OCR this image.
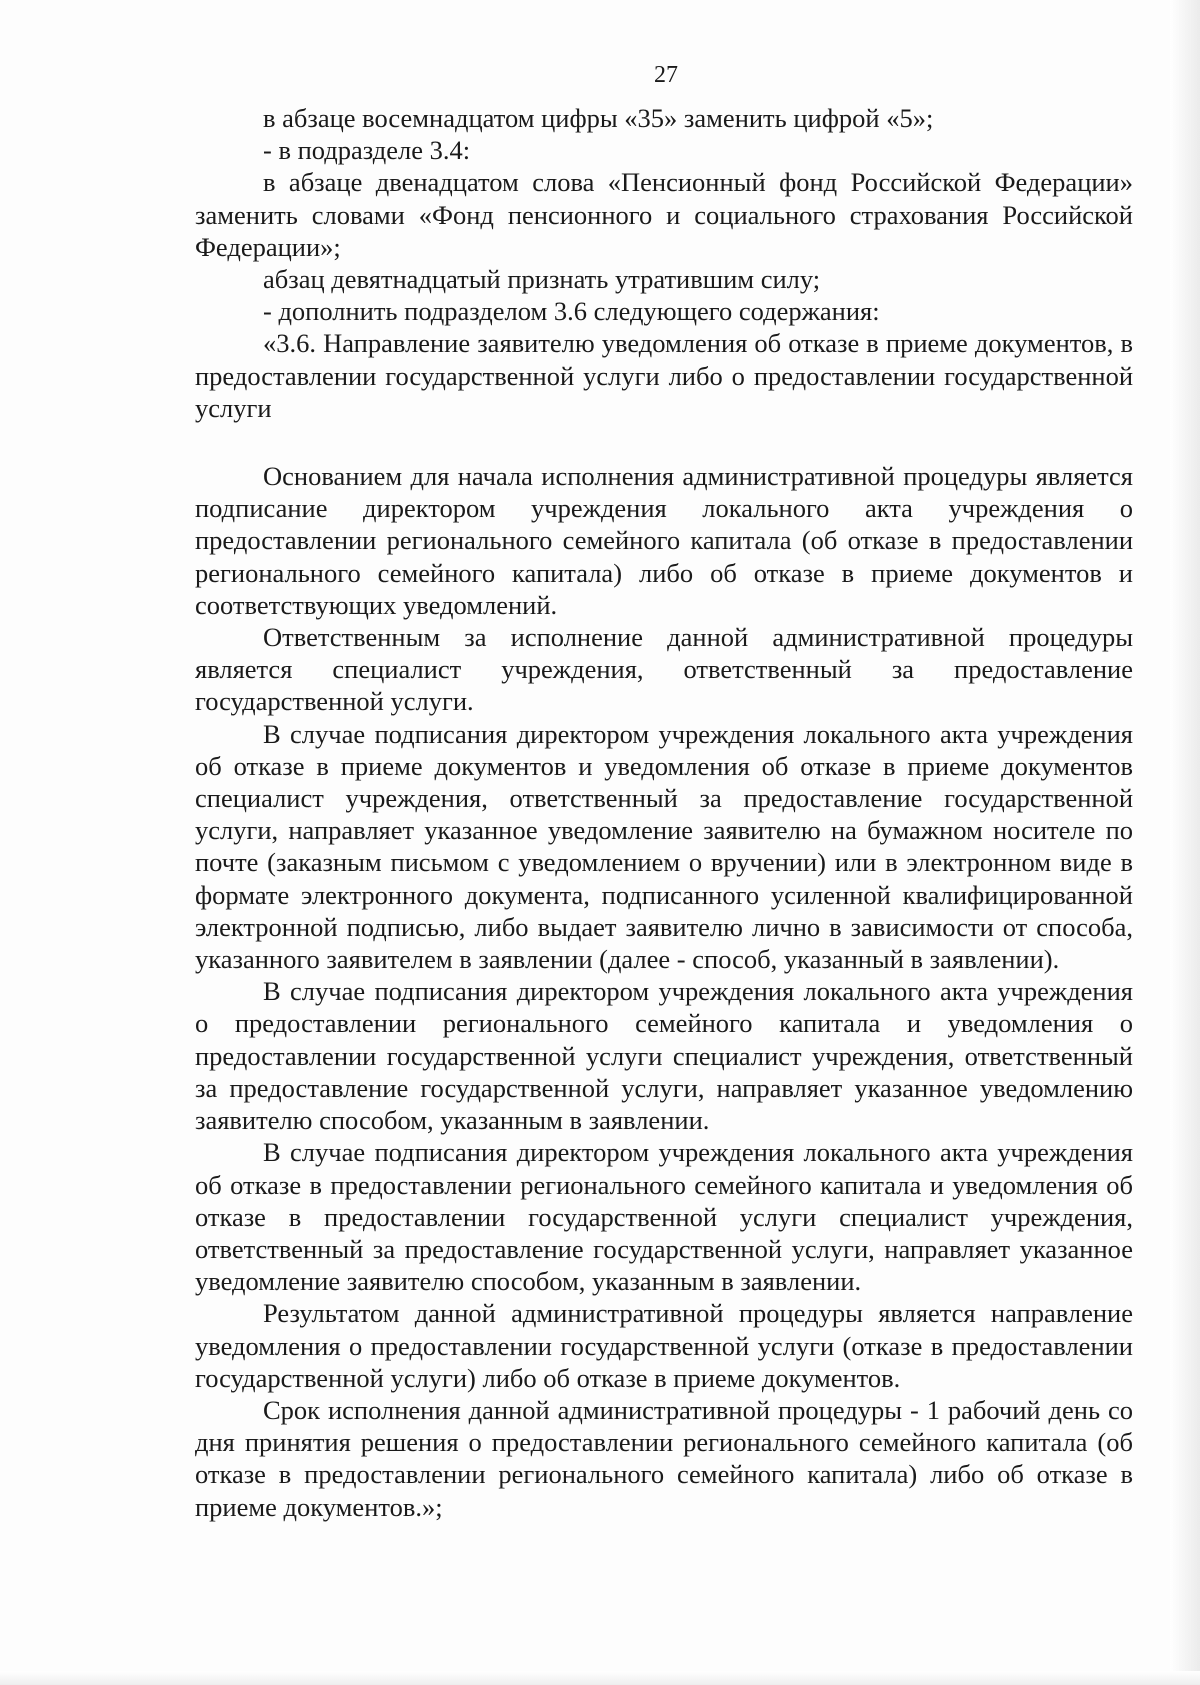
27

в абзаце восемнадцатом цифры «35» заменить цифрой «5»;

- в подразделе 3.4:

в абзаце двенадцатом слова «Пенсионный фонд Российской Федерации» заменить словами «Фонд пенсионного и социального страхования Российской Федерации»;

абзац девятнадцатый признать утратившим силу;

- дополнить подразделом 3.6 следующего содержания:

«3.6. Направление заявителю уведомления об отказе в приеме документов, в предоставлении государственной услуги либо о предоставлении государственной услуги

Основанием для начала исполнения административной процедуры является подписание директором учреждения локального акта учреждения о предоставлении регионального семейного капитала (об отказе в предоставлении регионального семейного капитала) либо об отказе в приеме документов и соответствующих уведомлений.

Ответственным за исполнение данной административной процедуры является специалист учреждения, ответственный за предоставление государственной услуги.

В случае подписания директором учреждения локального акта учреждения об отказе в приеме документов и уведомления об отказе в приеме документов специалист учреждения, ответственный за предоставление государственной услуги, направляет указанное уведомление заявителю на бумажном носителе по почте (заказным письмом с уведомлением о вручении) или в электронном виде в формате электронного документа, подписанного усиленной квалифицированной электронной подписью, либо выдает заявителю лично в зависимости от способа, указанного заявителем в заявлении (далее - способ, указанный в заявлении).

В случае подписания директором учреждения локального акта учреждения о предоставлении регионального семейного капитала и уведомления о предоставлении государственной услуги специалист учреждения, ответственный за предоставление государственной услуги, направляет указанное уведомлению заявителю способом, указанным в заявлении.

В случае подписания директором учреждения локального акта учреждения об отказе в предоставлении регионального семейного капитала и уведомления об отказе в предоставлении государственной услуги специалист учреждения, ответственный за предоставление государственной услуги, направляет указанное уведомление заявителю способом, указанным в заявлении.

Результатом данной административной процедуры является направление уведомления о предоставлении государственной услуги (отказе в предоставлении государственной услуги) либо об отказе в приеме документов.

Срок исполнения данной административной процедуры - 1 рабочий день со дня принятия решения о предоставлении регионального семейного капитала (об отказе в предоставлении регионального семейного капитала) либо об отказе в приеме документов.»;
